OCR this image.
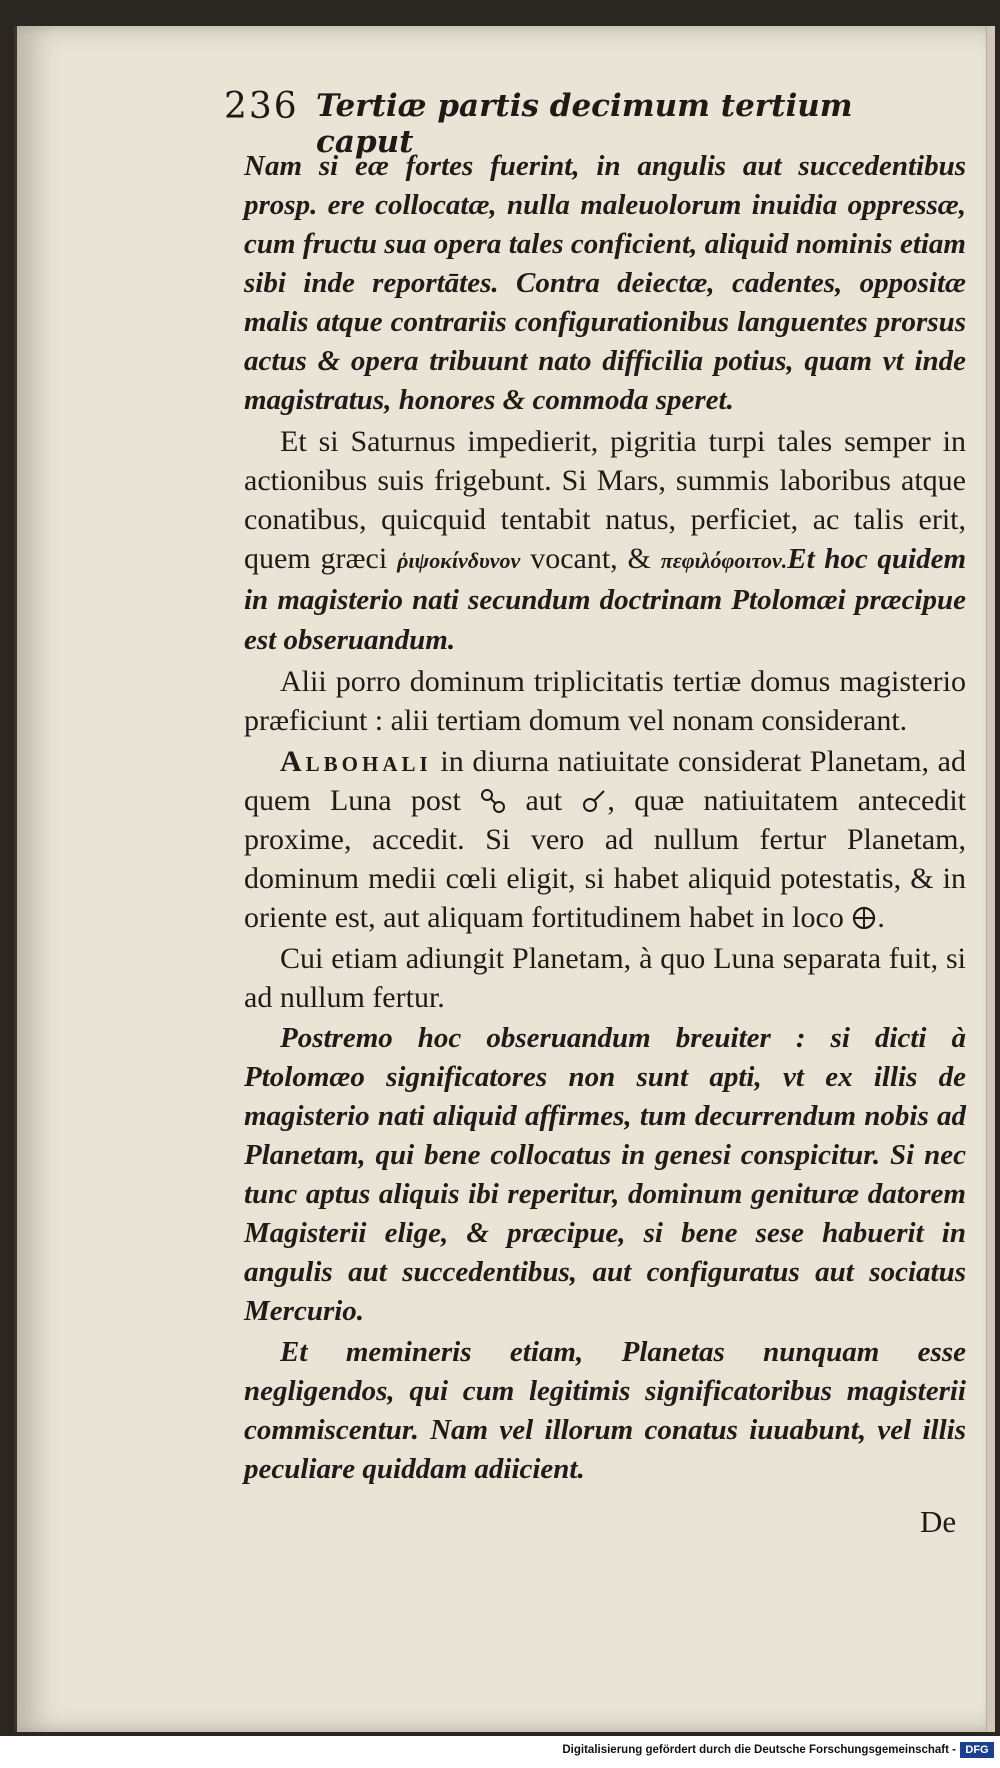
236 Tertiæ partis decimum tertium caput

Nam si eæ fortes fuerint, in angulis aut succedentibus prosp. ere collocatæ, nulla maleuolorum inuidia oppressæ, cum fructu sua opera tales conficient, aliquid nominis etiam sibi inde reportātes. Contra deiectæ, cadentes, oppositæ malis atque contrariis configurationibus languentes prorsus actus & opera tribuunt nato difficilia potius, quam vt inde magistratus, honores & commoda speret.

Et si Saturnus impedierit, pigritia turpi tales semper in actionibus suis frigebunt. Si Mars, summis laboribus atque conatibus, quicquid tentabit natus, perficiet, ac talis erit, quem græci ῥιψοκίνδυνον vocant, & πεφιλόφοιτον.Et hoc quidem in magisterio nati secundum doctrinam Ptolomæi præcipue est obseruandum.

Alii porro dominum triplicitatis tertiæ domus magisterio præficiunt : alii tertiam domum vel nonam considerant.

Albohali in diurna natiuitate considerat Planetam, ad quem Luna post aut , quæ natiuitatem antecedit proxime, accedit. Si vero ad nullum fertur Planetam, dominum medii cœli eligit, si habet aliquid potestatis, & in oriente est, aut aliquam fortitudinem habet in loco .

Cui etiam adiungit Planetam, à quo Luna separata fuit, si ad nullum fertur.

Postremo hoc obseruandum breuiter : si dicti à Ptolomæo significatores non sunt apti, vt ex illis de magisterio nati aliquid affirmes, tum decurrendum nobis ad Planetam, qui bene collocatus in genesi conspicitur. Si nec tunc aptus aliquis ibi reperitur, dominum genituræ datorem Magisterii elige, & præcipue, si bene sese habuerit in angulis aut succedentibus, aut configuratus aut sociatus Mercurio.

Et memineris etiam, Planetas nunquam esse negligendos, qui cum legitimis significatoribus magisterii commiscentur. Nam vel illorum conatus iuuabunt, vel illis peculiare quiddam adiicient.

De
Digitalisierung gefördert durch die Deutsche Forschungsgemeinschaft - DFG
